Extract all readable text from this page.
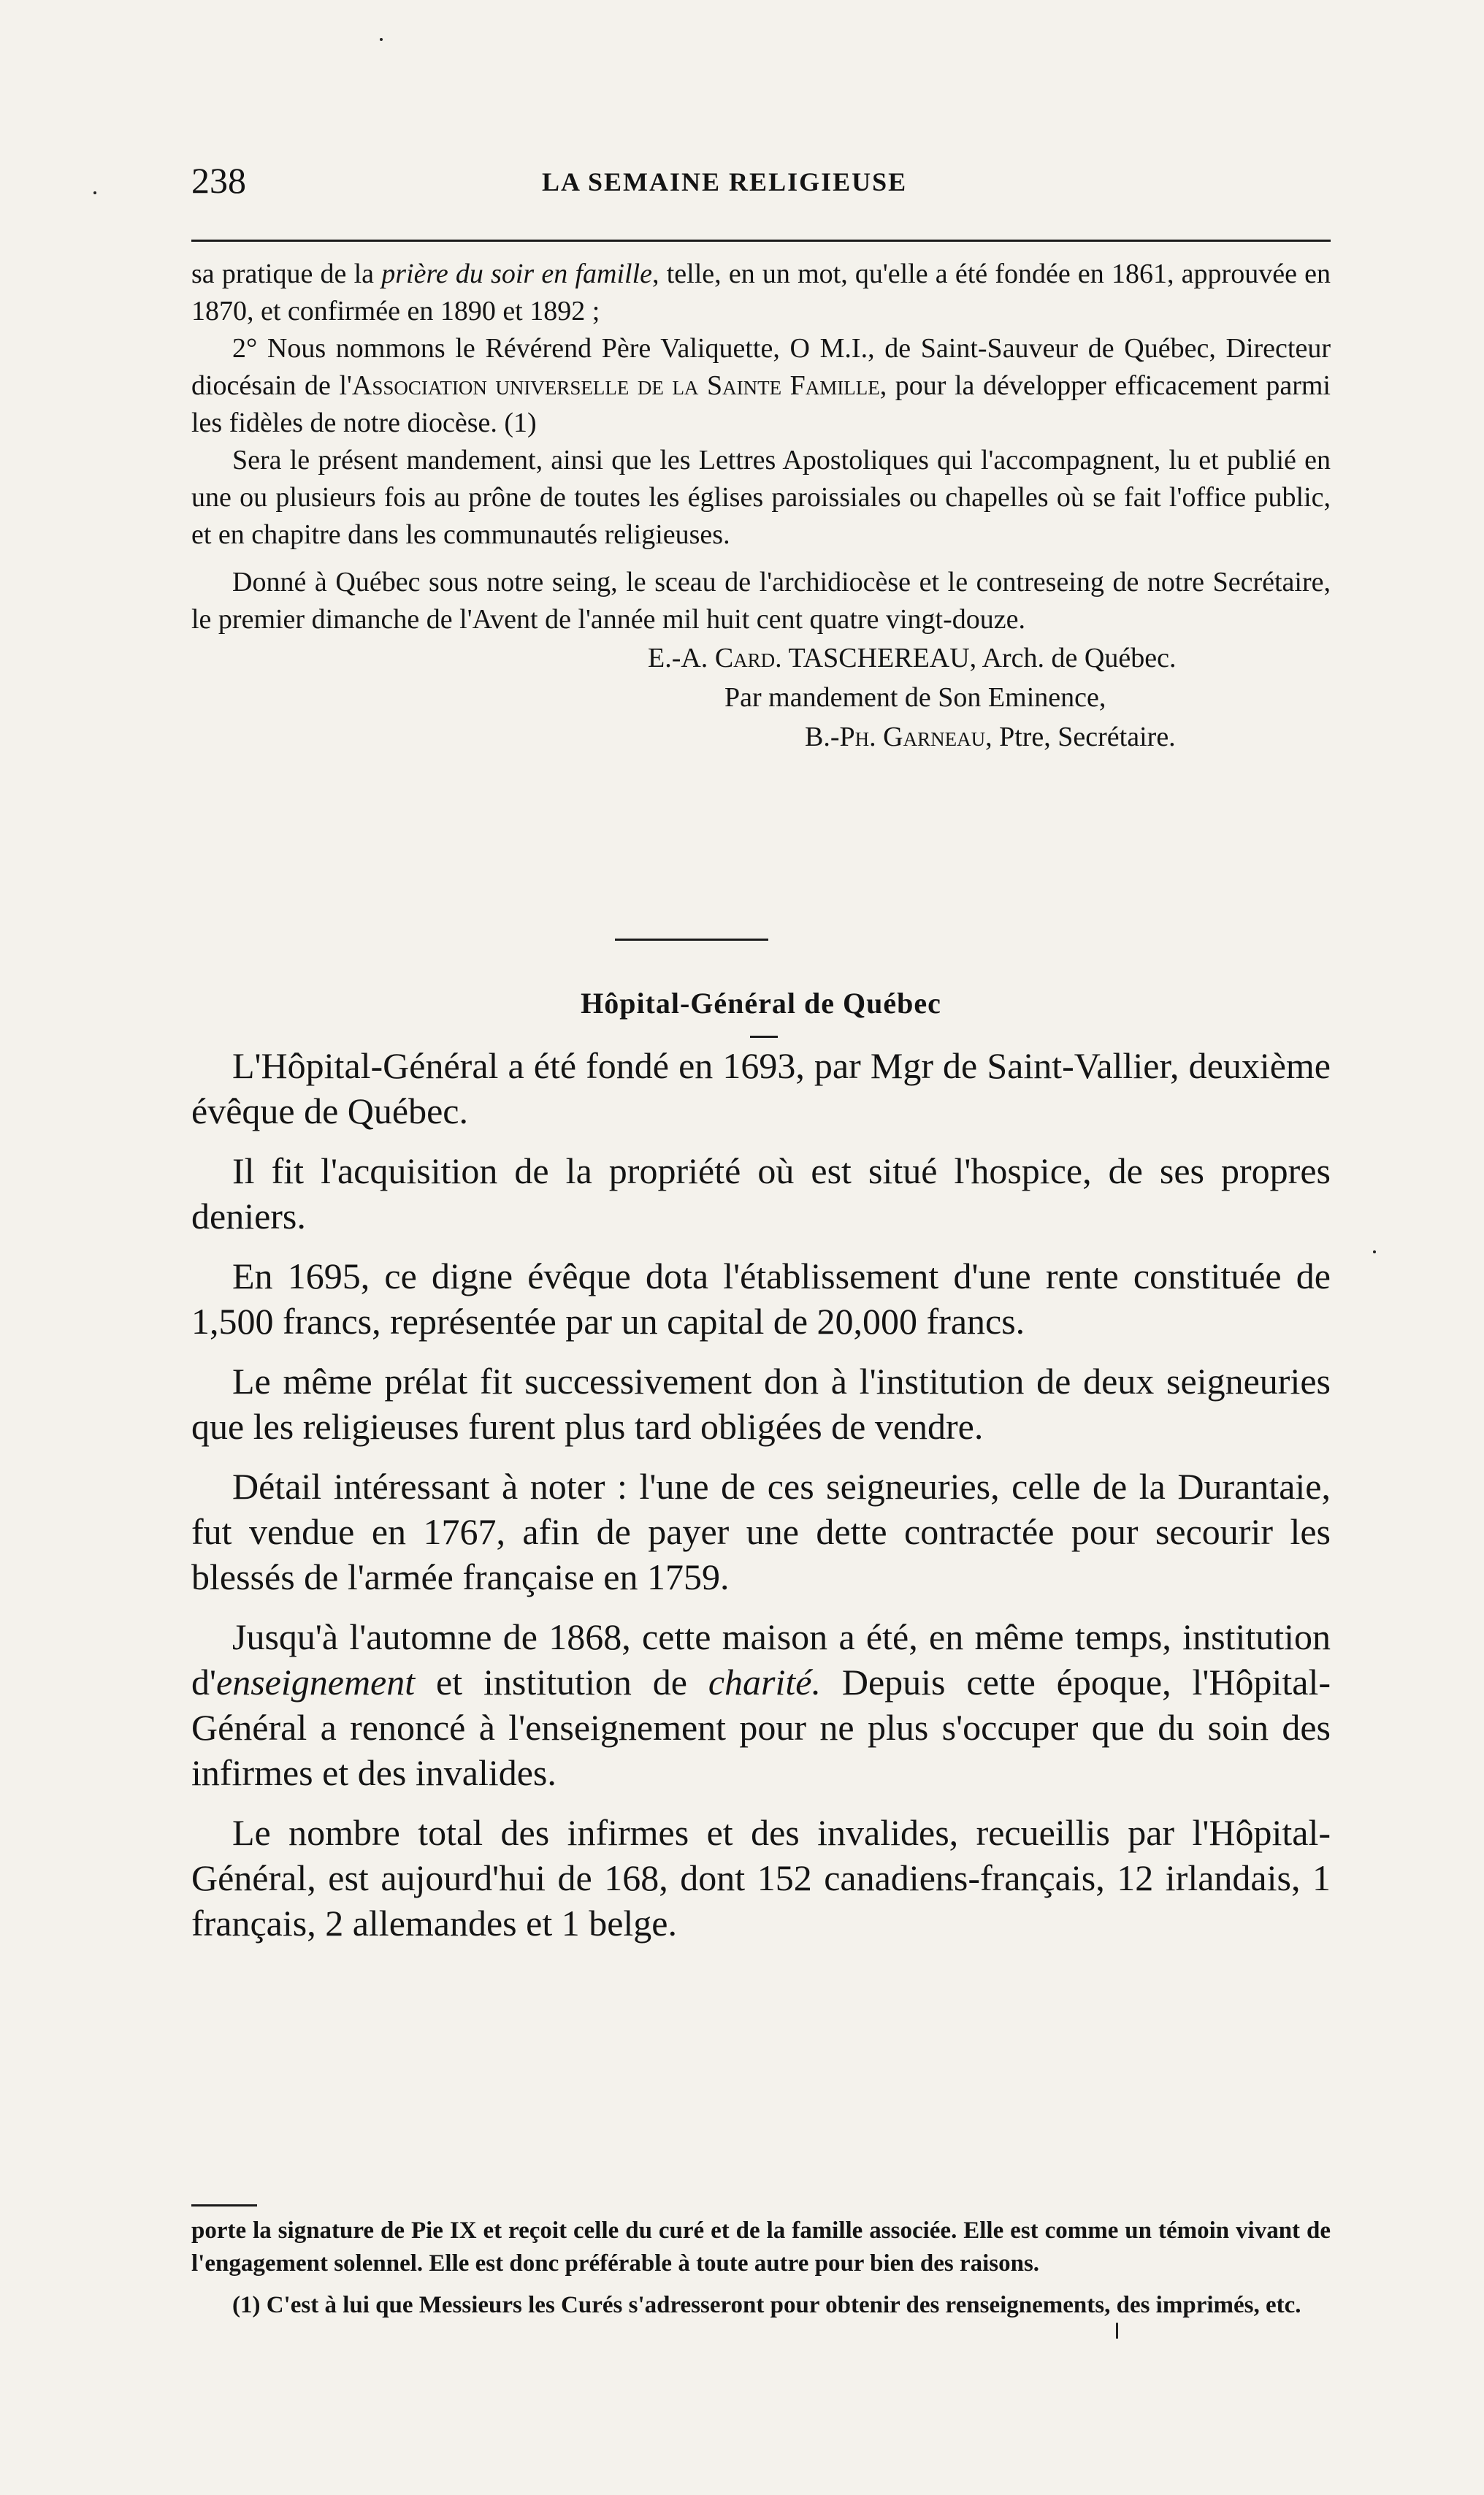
238	LA SEMAINE RELIGIEUSE

sa pratique de la prière du soir en famille, telle, en un mot, qu'elle a été fondée en 1861, approuvée en 1870, et confirmée en 1890 et 1892 ;

2° Nous nommons le Révérend Père Valiquette, O M.I., de Saint-Sauveur de Québec, Directeur diocésain de l'Association universelle de la Sainte Famille, pour la développer efficacement parmi les fidèles de notre diocèse. (1)

Sera le présent mandement, ainsi que les Lettres Apostoliques qui l'accompagnent, lu et publié en une ou plusieurs fois au prône de toutes les églises paroissiales ou chapelles où se fait l'office public, et en chapitre dans les communautés religieuses.

Donné à Québec sous notre seing, le sceau de l'archidiocèse et le contreseing de notre Secrétaire, le premier dimanche de l'Avent de l'année mil huit cent quatre vingt-douze.

E.-A. Card. TASCHEREAU, Arch. de Québec.

Par mandement de Son Eminence,

B.-Ph. Garneau, Ptre, Secrétaire.

Hôpital-Général de Québec

L'Hôpital-Général a été fondé en 1693, par Mgr de Saint-Vallier, deuxième évêque de Québec.

Il fit l'acquisition de la propriété où est situé l'hospice, de ses propres deniers.

En 1695, ce digne évêque dota l'établissement d'une rente constituée de 1,500 francs, représentée par un capital de 20,000 francs.

Le même prélat fit successivement don à l'institution de deux seigneuries que les religieuses furent plus tard obligées de vendre.

Détail intéressant à noter : l'une de ces seigneuries, celle de la Durantaie, fut vendue en 1767, afin de payer une dette contractée pour secourir les blessés de l'armée française en 1759.

Jusqu'à l'automne de 1868, cette maison a été, en même temps, institution d'enseignement et institution de charité. Depuis cette époque, l'Hôpital-Général a renoncé à l'enseignement pour ne plus s'occuper que du soin des infirmes et des invalides.

Le nombre total des infirmes et des invalides, recueillis par l'Hôpital-Général, est aujourd'hui de 168, dont 152 canadiens-français, 12 irlandais, 1 français, 2 allemandes et 1 belge.

porte la signature de Pie IX et reçoit celle du curé et de la famille associée. Elle est comme un témoin vivant de l'engagement solennel. Elle est donc préférable à toute autre pour bien des raisons.

(1) C'est à lui que Messieurs les Curés s'adresseront pour obtenir des renseignements, des imprimés, etc.
